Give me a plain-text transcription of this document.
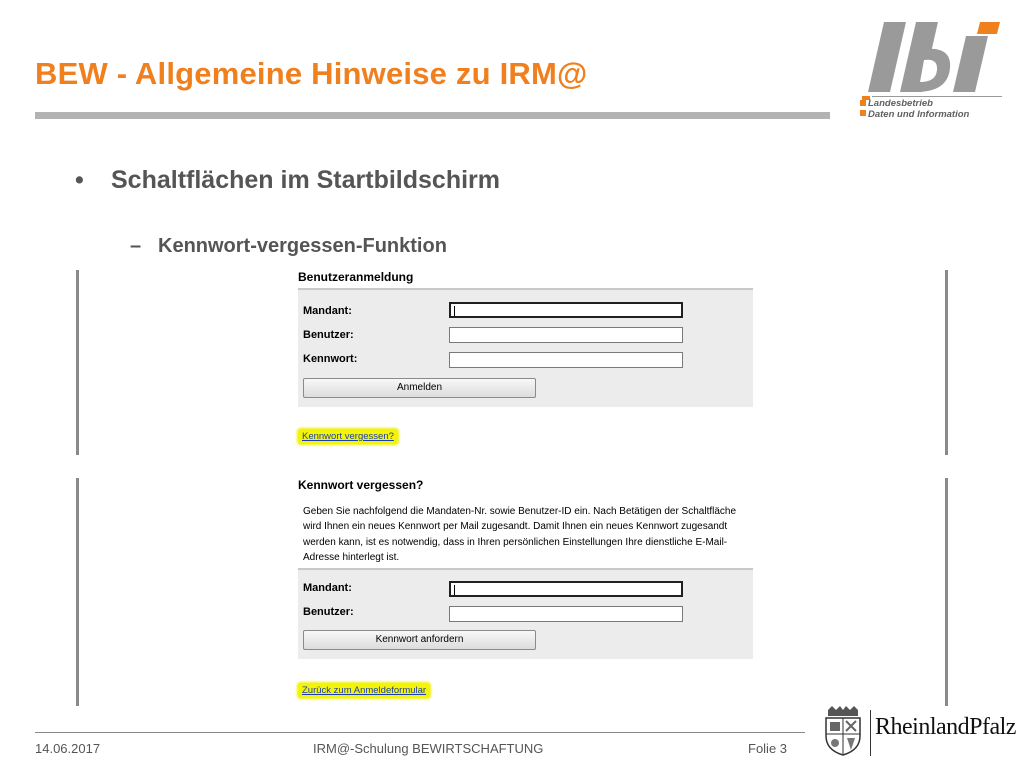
BEW - Allgemeine Hinweise zu IRM@
Landesbetrieb
Daten und Information
• Schaltflächen im Startbildschirm
– Kennwort-vergessen-Funktion
Benutzeranmeldung
Mandant:
Benutzer:
Kennwort:
Anmelden
Kennwort vergessen?
Kennwort vergessen?
Geben Sie nachfolgend die Mandaten-Nr. sowie Benutzer-ID ein. Nach Betätigen der Schaltfläche wird Ihnen ein neues Kennwort per Mail zugesandt. Damit Ihnen ein neues Kennwort zugesandt werden kann, ist es notwendig, dass in Ihren persönlichen Einstellungen Ihre dienstliche E-Mail-Adresse hinterlegt ist.
Mandant:
Benutzer:
Kennwort anfordern
Zurück zum Anmeldeformular
14.06.2017	IRM@-Schulung BEWIRTSCHAFTUNG	Folie 3
RheinlandPfalz
